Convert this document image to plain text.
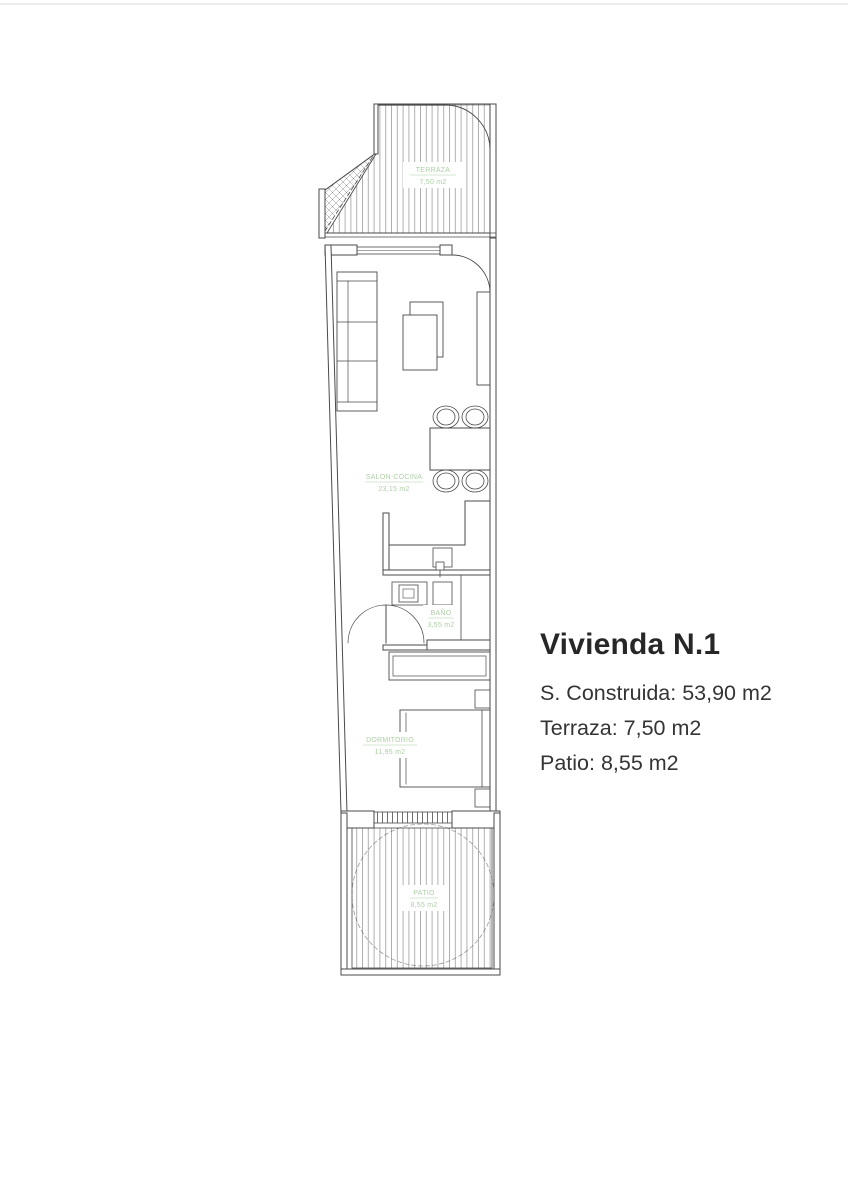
TERRAZA
7,50 m2
SALON-COCINA
23,15 m2
BAÑO
3,55 m2
DORMITORIO
11,95 m2
PATIO
8,55 m2
Vivienda N.1
S. Construida: 53,90 m2
Terraza: 7,50 m2
Patio: 8,55 m2
